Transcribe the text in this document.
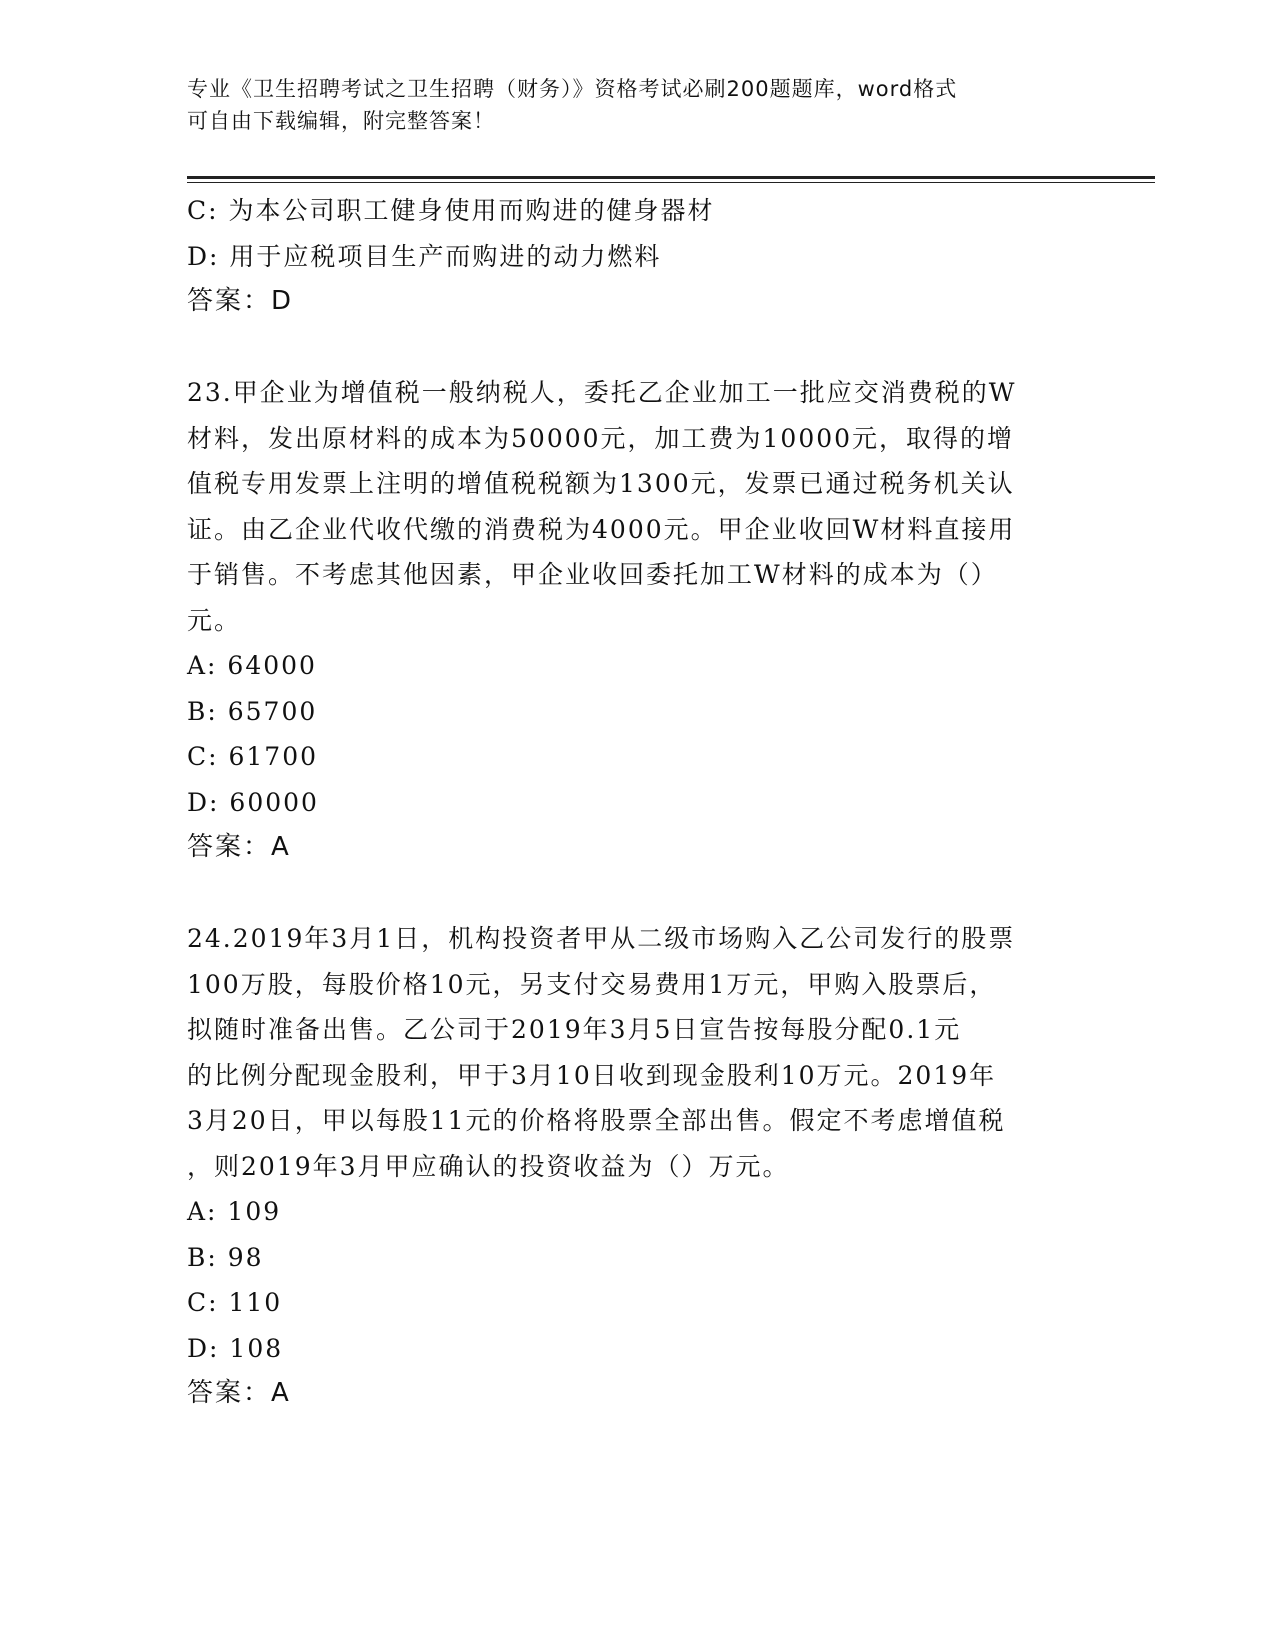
专业《卫生招聘考试之卫生招聘（财务）》资格考试必刷200题题库，word格式

可自由下载编辑，附完整答案！

C: 为本公司职工健身使用而购进的健身器材

D: 用于应税项目生产而购进的动力燃料

答案：D

23.甲企业为增值税一般纳税人，委托乙企业加工一批应交消费税的W
材料，发出原材料的成本为50000元，加工费为10000元，取得的增
值税专用发票上注明的增值税税额为1300元，发票已通过税务机关认
证。由乙企业代收代缴的消费税为4000元。甲企业收回W材料直接用
于销售。不考虑其他因素，甲企业收回委托加工W材料的成本为（）
元。

A: 64000

B: 65700

C: 61700

D: 60000

答案：A

24.2019年3月1日，机构投资者甲从二级市场购入乙公司发行的股票
100万股，每股价格10元，另支付交易费用1万元，甲购入股票后，
拟随时准备出售。乙公司于2019年3月5日宣告按每股分配0.1元
的比例分配现金股利，甲于3月10日收到现金股利10万元。2019年
3月20日，甲以每股11元的价格将股票全部出售。假定不考虑增值税
，则2019年3月甲应确认的投资收益为（）万元。

A: 109

B: 98

C: 110

D: 108

答案：A
